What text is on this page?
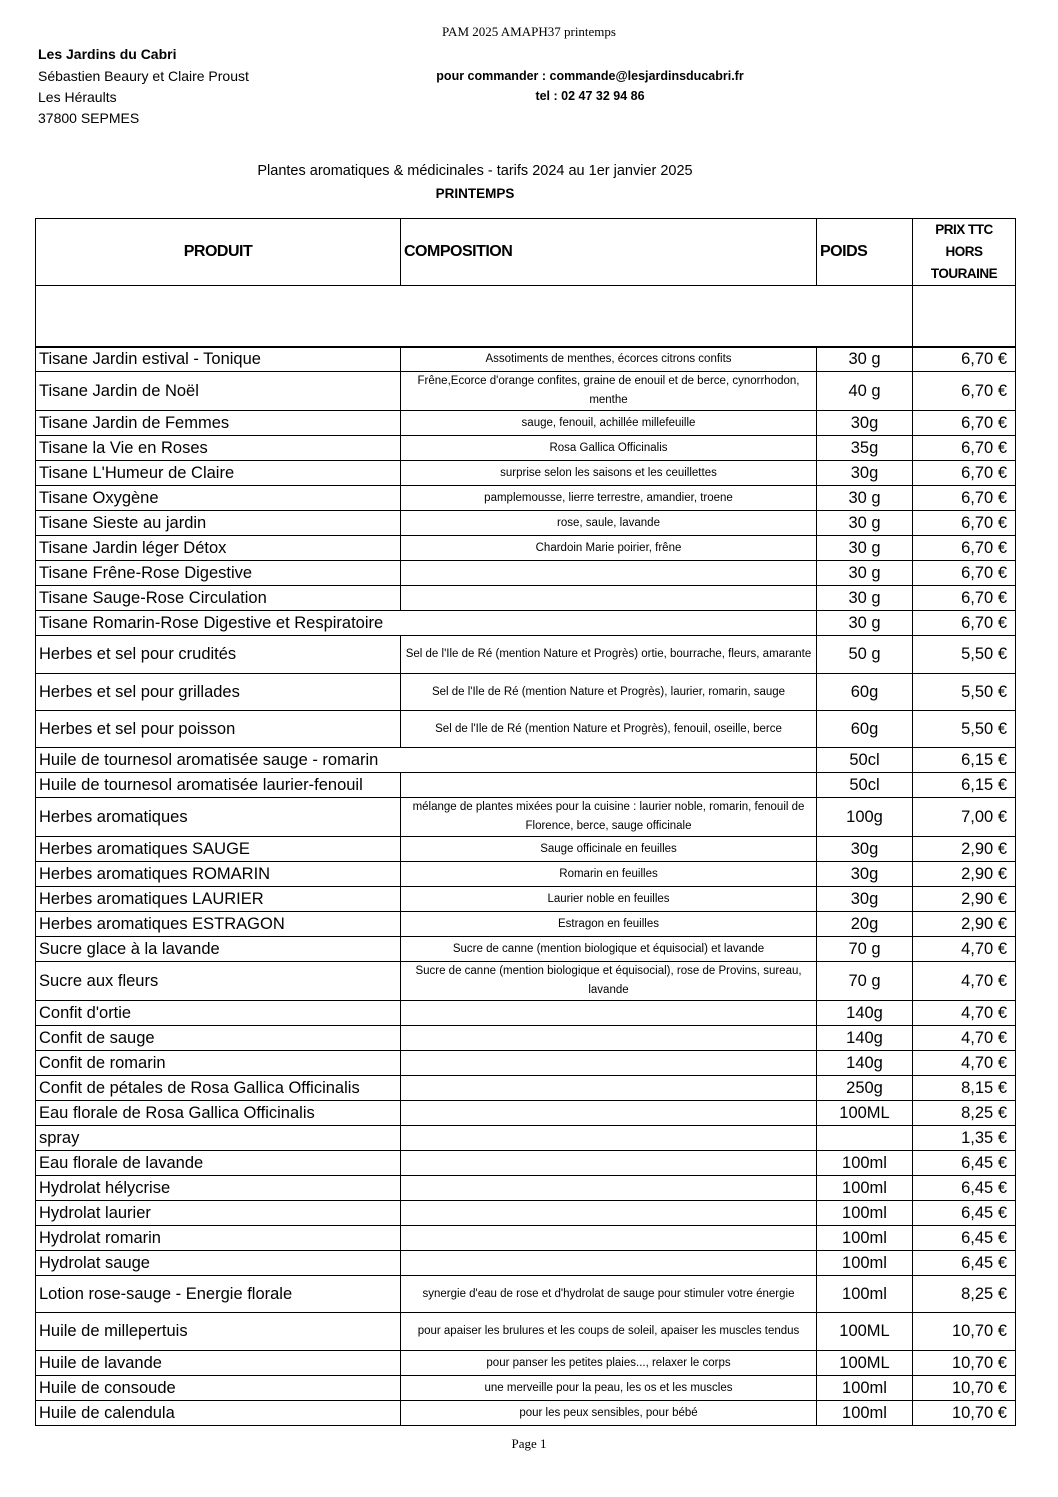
PAM 2025 AMAPH37 printemps
Les Jardins du Cabri
Sébastien Beaury et Claire Proust
Les Héraults
37800 SEPMES
pour commander : commande@lesjardinsducabri.fr
tel : 02 47 32 94 86
Plantes aromatiques & médicinales - tarifs 2024 au 1er janvier 2025
PRINTEMPS
PRODUIT	COMPOSITION	POIDS	PRIX TTC HORS TOURAINE

Tisane Jardin estival - Tonique	Assotiments de menthes, écorces citrons confits	30 g	6,70 €
Tisane Jardin de Noël	Frêne,Ecorce d'orange confites, graine de enouil et de berce, cynorrhodon, menthe	40 g	6,70 €
Tisane Jardin de Femmes	sauge, fenouil, achillée millefeuille	30g	6,70 €
Tisane la Vie en Roses	Rosa Gallica Officinalis	35g	6,70 €
Tisane L'Humeur de Claire	surprise selon les saisons et les ceuillettes	30g	6,70 €
Tisane Oxygène	pamplemousse, lierre terrestre, amandier, troene	30 g	6,70 €
Tisane Sieste au jardin	rose, saule, lavande	30 g	6,70 €
Tisane Jardin léger Détox	Chardoin Marie poirier, frêne	30 g	6,70 €
Tisane Frêne-Rose Digestive		30 g	6,70 €
Tisane Sauge-Rose Circulation		30 g	6,70 €
Tisane Romarin-Rose Digestive et Respiratoire		30 g	6,70 €
Herbes et sel pour crudités	Sel de l'Ile de Ré (mention Nature et Progrès) ortie, bourrache, fleurs, amarante	50 g	5,50 €
Herbes et sel pour grillades	Sel de l'Ile de Ré (mention Nature et Progrès), laurier, romarin, sauge	60g	5,50 €
Herbes et sel pour poisson	Sel de l'Ile de Ré (mention Nature et Progrès), fenouil, oseille, berce	60g	5,50 €
Huile de tournesol aromatisée sauge - romarin		50cl	6,15 €
Huile de tournesol aromatisée laurier-fenouil		50cl	6,15 €
Herbes aromatiques	mélange de plantes mixées pour la cuisine : laurier noble, romarin, fenouil de Florence, berce, sauge officinale	100g	7,00 €
Herbes aromatiques SAUGE	Sauge officinale en feuilles	30g	2,90 €
Herbes aromatiques ROMARIN	Romarin en feuilles	30g	2,90 €
Herbes aromatiques LAURIER	Laurier noble en feuilles	30g	2,90 €
Herbes aromatiques ESTRAGON	Estragon en feuilles	20g	2,90 €
Sucre glace à la lavande	Sucre de canne (mention biologique et équisocial) et lavande	70 g	4,70 €
Sucre aux fleurs	Sucre de canne (mention biologique et équisocial), rose de Provins, sureau, lavande	70 g	4,70 €
Confit d'ortie		140g	4,70 €
Confit de sauge		140g	4,70 €
Confit de romarin		140g	4,70 €
Confit de pétales de Rosa Gallica Officinalis		250g	8,15 €
Eau florale de Rosa Gallica Officinalis		100ML	8,25 €
spray			1,35 €
Eau florale de lavande		100ml	6,45 €
Hydrolat hélycrise		100ml	6,45 €
Hydrolat laurier		100ml	6,45 €
Hydrolat romarin		100ml	6,45 €
Hydrolat sauge		100ml	6,45 €
Lotion rose-sauge - Energie florale	synergie d'eau de rose et d'hydrolat de sauge pour stimuler votre énergie	100ml	8,25 €
Huile de millepertuis	pour apaiser les brulures et les coups de soleil, apaiser les muscles tendus	100ML	10,70 €
Huile de lavande	pour panser les petites plaies..., relaxer le corps	100ML	10,70 €
Huile de consoude	une merveille pour la peau, les os et les muscles	100ml	10,70 €
Huile de calendula	pour les peux sensibles, pour bébé	100ml	10,70 €
Page 1
